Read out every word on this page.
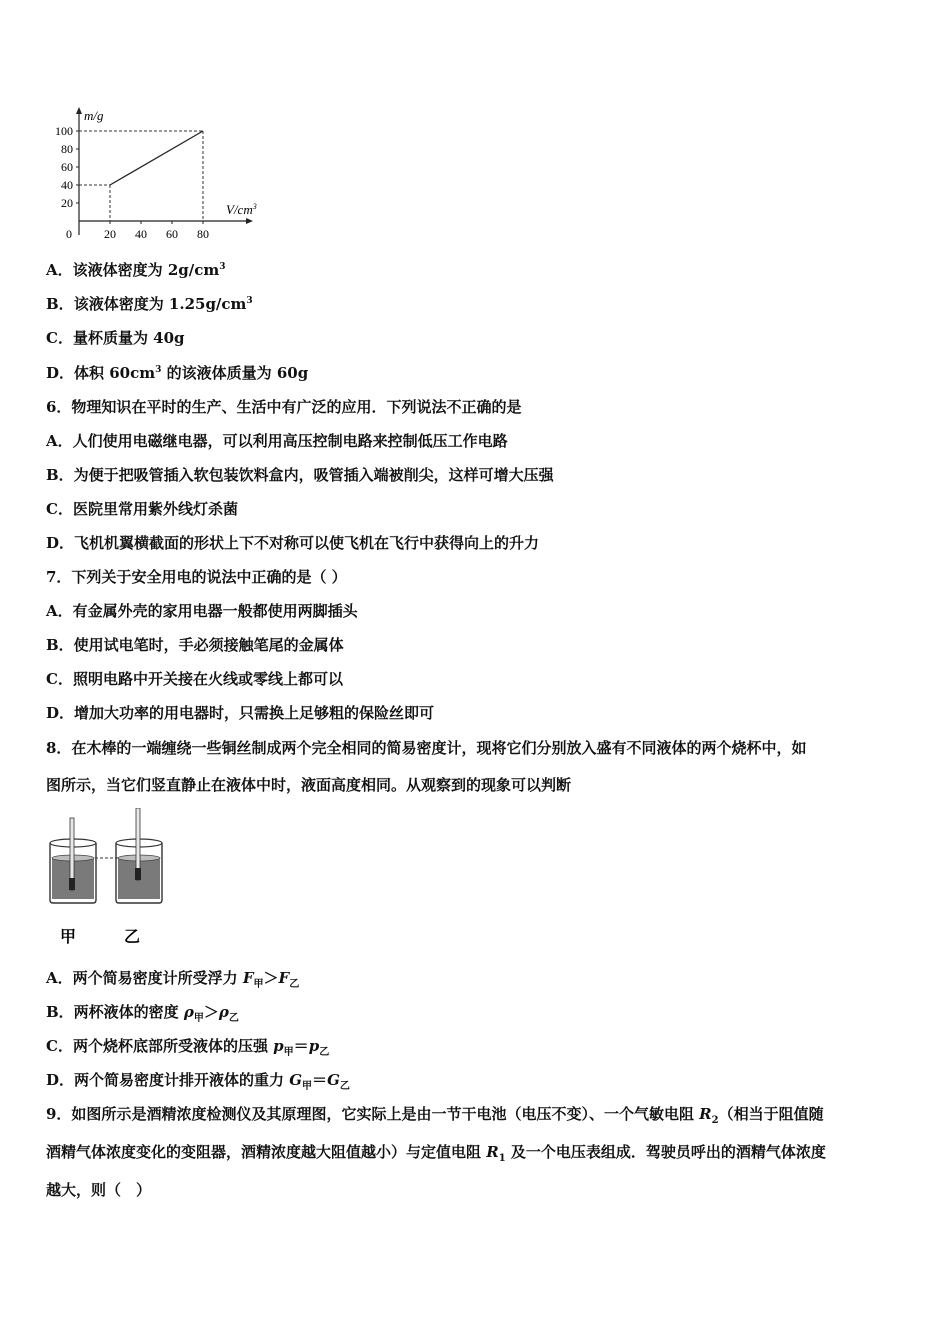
m/g
$V/cm^3$
20
40
60
80
100
0	20 40 60 80
A．该液体密度为 $2g/cm^3$
B．该液体密度为 $1.25g/cm^3$
C．量杯质量为 40g
D．体积 $60cm^3$ 的该液体质量为 60g
6．物理知识在平时的生产、生活中有广泛的应用．下列说法不正确的是
A．人们使用电磁继电器，可以利用高压控制电路来控制低压工作电路
B．为便于把吸管插入软包装饮料盒内，吸管插入端被削尖，这样可增大压强
C．医院里常用紫外线灯杀菌
D．飞机机翼横截面的形状上下不对称可以使飞机在飞行中获得向上的升力
7．下列关于安全用电的说法中正确的是（ ）
A．有金属外壳的家用电器一般都使用两脚插头
B．使用试电笔时，手必须接触笔尾的金属体
C．照明电路中开关接在火线或零线上都可以
D．增加大功率的用电器时，只需换上足够粗的保险丝即可
8．在木棒的一端缠绕一些铜丝制成两个完全相同的简易密度计，现将它们分别放入盛有不同液体的两个烧杯中，如
图所示，当它们竖直静止在液体中时，液面高度相同。从观察到的现象可以判断
甲	乙
A．两个简易密度计所受浮力 $F_甲>F_乙$
B．两杯液体的密度 $\rho_甲>\rho_乙$
C．两个烧杯底部所受液体的压强 $p_甲=p_乙$
D．两个简易密度计排开液体的重力 $G_甲=G_乙$
9．如图所示是酒精浓度检测仪及其原理图，它实际上是由一节干电池（电压不变）、一个气敏电阻 $R_2$（相当于阻值随
酒精气体浓度变化的变阻器，酒精浓度越大阻值越小）与定值电阻 $R_1$ 及一个电压表组成．驾驶员呼出的酒精气体浓度
越大，则（　）
